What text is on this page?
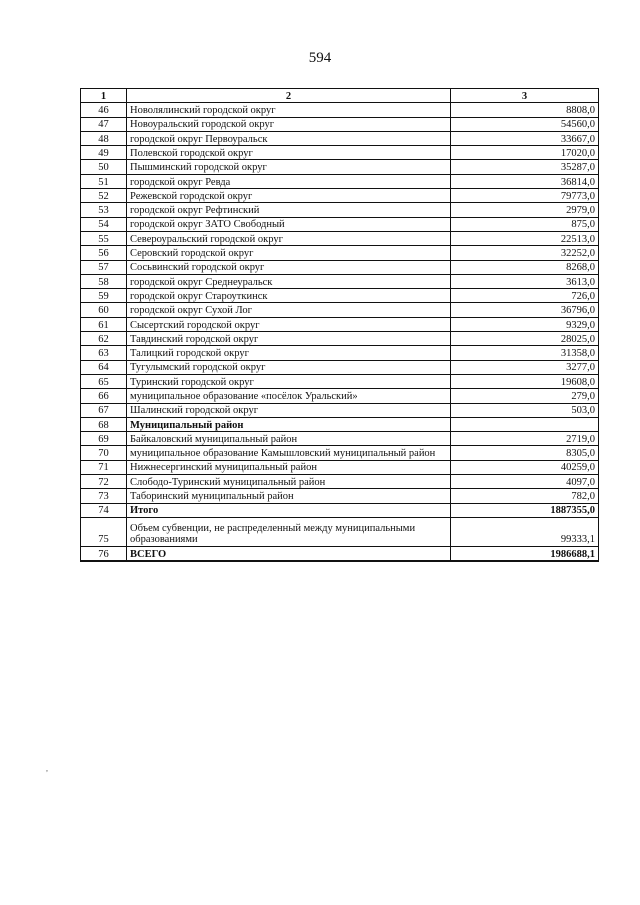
594
1	2	3
46	Новолялинский городской округ	8808,0
47	Новоуральский городской округ	54560,0
48	городской округ Первоуральск	33667,0
49	Полевской городской округ	17020,0
50	Пышминский городской округ	35287,0
51	городской округ Ревда	36814,0
52	Режевской городской округ	79773,0
53	городской округ Рефтинский	2979,0
54	городской округ ЗАТО Свободный	875,0
55	Североуральский городской округ	22513,0
56	Серовский городской округ	32252,0
57	Сосьвинский городской округ	8268,0
58	городской округ Среднеуральск	3613,0
59	городской округ Староуткинск	726,0
60	городской округ Сухой Лог	36796,0
61	Сысертский городской округ	9329,0
62	Тавдинский городской округ	28025,0
63	Талицкий городской округ	31358,0
64	Тугулымский городской округ	3277,0
65	Туринский городской округ	19608,0
66	муниципальное образование «посёлок Уральский»	279,0
67	Шалинский городской округ	503,0
68	Муниципальный район	
69	Байкаловский муниципальный район	2719,0
70	муниципальное образование Камышловский муниципальный район	8305,0
71	Нижнесергинский муниципальный район	40259,0
72	Слободо-Туринский муниципальный район	4097,0
73	Таборинский муниципальный район	782,0
74	Итого	1887355,0
75	Объем субвенции, не распределенный между муниципальными образованиями	99333,1
76	ВСЕГО	1986688,1
,
